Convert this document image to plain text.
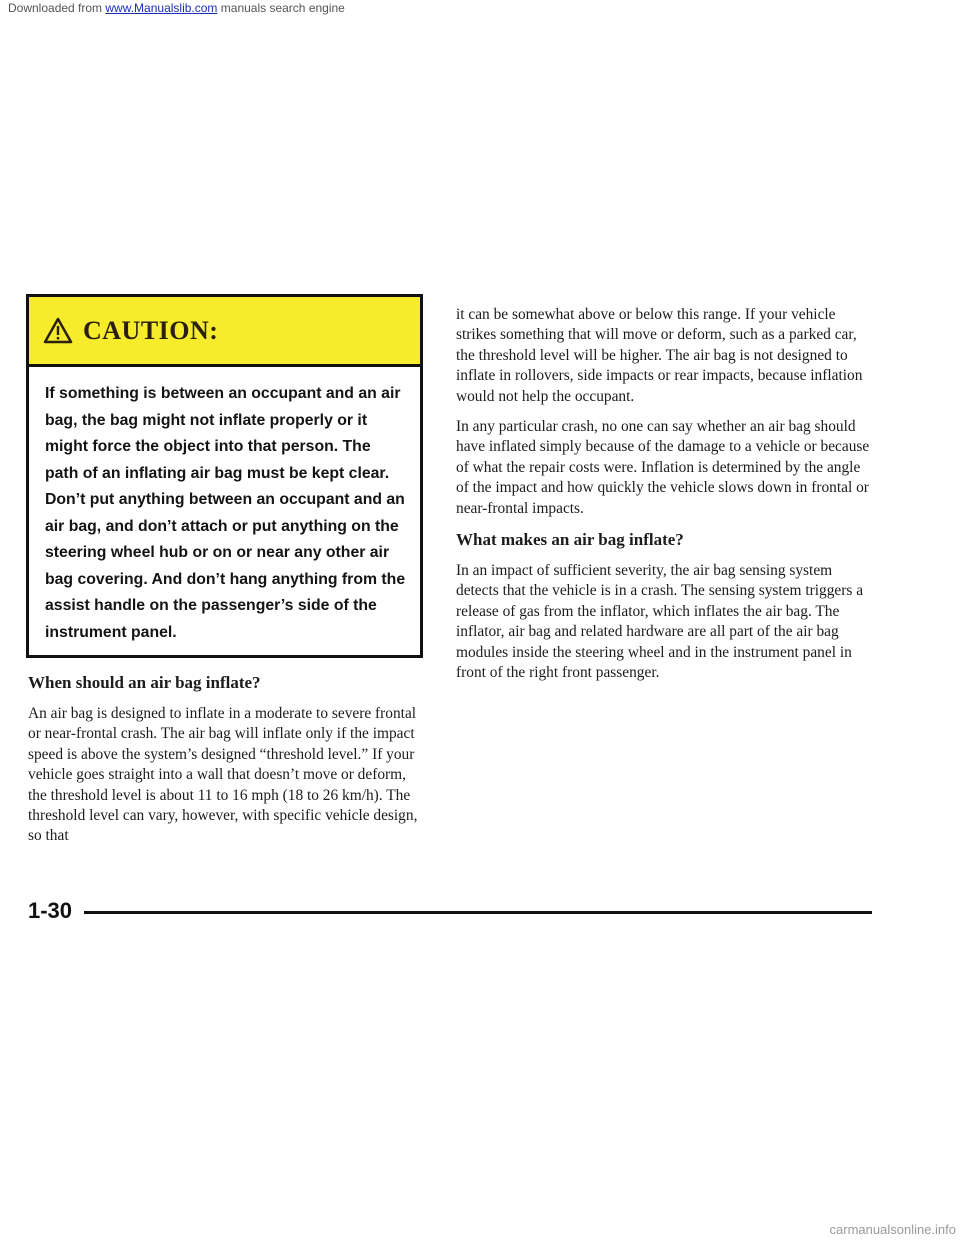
Downloaded from www.Manualslib.com manuals search engine
CAUTION:
If something is between an occupant and an air bag, the bag might not inflate properly or it might force the object into that person. The path of an inflating air bag must be kept clear. Don’t put anything between an occupant and an air bag, and don’t attach or put anything on the steering wheel hub or on or near any other air bag covering. And don’t hang anything from the assist handle on the passenger’s side of the instrument panel.
When should an air bag inflate?

An air bag is designed to inflate in a moderate to severe frontal or near-frontal crash. The air bag will inflate only if the impact speed is above the system’s designed “threshold level.” If your vehicle goes straight into a wall that doesn’t move or deform, the threshold level is about 11 to 16 mph (18 to 26 km/h). The threshold level can vary, however, with specific vehicle design, so that

it can be somewhat above or below this range. If your vehicle strikes something that will move or deform, such as a parked car, the threshold level will be higher. The air bag is not designed to inflate in rollovers, side impacts or rear impacts, because inflation would not help the occupant.

In any particular crash, no one can say whether an air bag should have inflated simply because of the damage to a vehicle or because of what the repair costs were. Inflation is determined by the angle of the impact and how quickly the vehicle slows down in frontal or near-frontal impacts.

What makes an air bag inflate?

In an impact of sufficient severity, the air bag sensing system detects that the vehicle is in a crash. The sensing system triggers a release of gas from the inflator, which inflates the air bag. The inflator, air bag and related hardware are all part of the air bag modules inside the steering wheel and in the instrument panel in front of the right front passenger.

1-30
carmanualsonline.info
